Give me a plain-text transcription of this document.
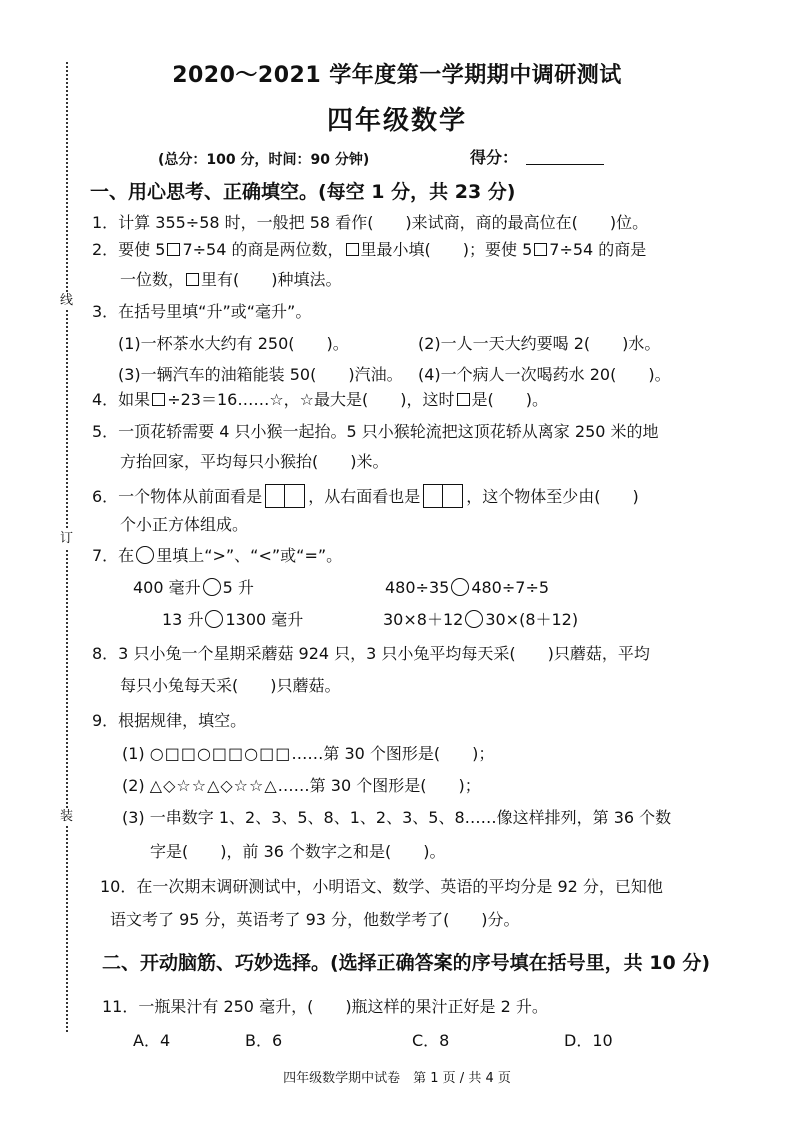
线
订
装
2020～2021 学年度第一学期期中调研测试
四年级数学
(总分：100 分，时间：90 分钟)	得分：
一、用心思考、正确填空。(每空 1 分，共 23 分)
1．计算 355÷58 时，一般把 58 看作(　　)来试商，商的最高位在(　　)位。
2．要使 5 7÷54 的商是两位数， 里最小填(　　)；要使 5 7÷54 的商是
一位数， 里有(　　)种填法。
3．在括号里填“升”或“毫升”。
(1)一杯茶水大约有 250(　　)。	(2)一人一天大约要喝 2(　　)水。
(3)一辆汽车的油箱能装 50(　　)汽油。 (4)一个病人一次喝药水 20(　　)。
4．如果 ÷23＝16……☆，☆最大是(　　)，这时 是(　　)。
5．一顶花轿需要 4 只小猴一起抬。5 只小猴轮流把这顶花轿从离家 250 米的地
方抬回家，平均每只小猴抬(　　)米。
6．一个物体从前面看是	，从右面看也是	，这个物体至少由(　　)
个小正方体组成。
7．在 里填上“>”、“<”或“=”。
400 毫升 5 升	480÷35 480÷7÷5
13 升 1300 毫升	30×8＋12 30×(8＋12)
8．3 只小兔一个星期采蘑菇 924 只，3 只小兔平均每天采(　　)只蘑菇，平均
每只小兔每天采(　　)只蘑菇。
9．根据规律，填空。
(1) ○□□○□□○□□……第 30 个图形是(　　)；
(2) △◇☆☆△◇☆☆△……第 30 个图形是(　　)；
(3) 一串数字 1、2、3、5、8、1、2、3、5、8……像这样排列，第 36 个数
字是(　　)，前 36 个数字之和是(　　)。
10．在一次期末调研测试中，小明语文、数学、英语的平均分是 92 分，已知他
语文考了 95 分，英语考了 93 分，他数学考了(　　)分。
二、开动脑筋、巧妙选择。(选择正确答案的序号填在括号里，共 10 分)
11．一瓶果汁有 250 毫升，(　　)瓶这样的果汁正好是 2 升。
A．4	B．6	C．8	D．10
四年级数学期中试卷　第 1 页 / 共 4 页
